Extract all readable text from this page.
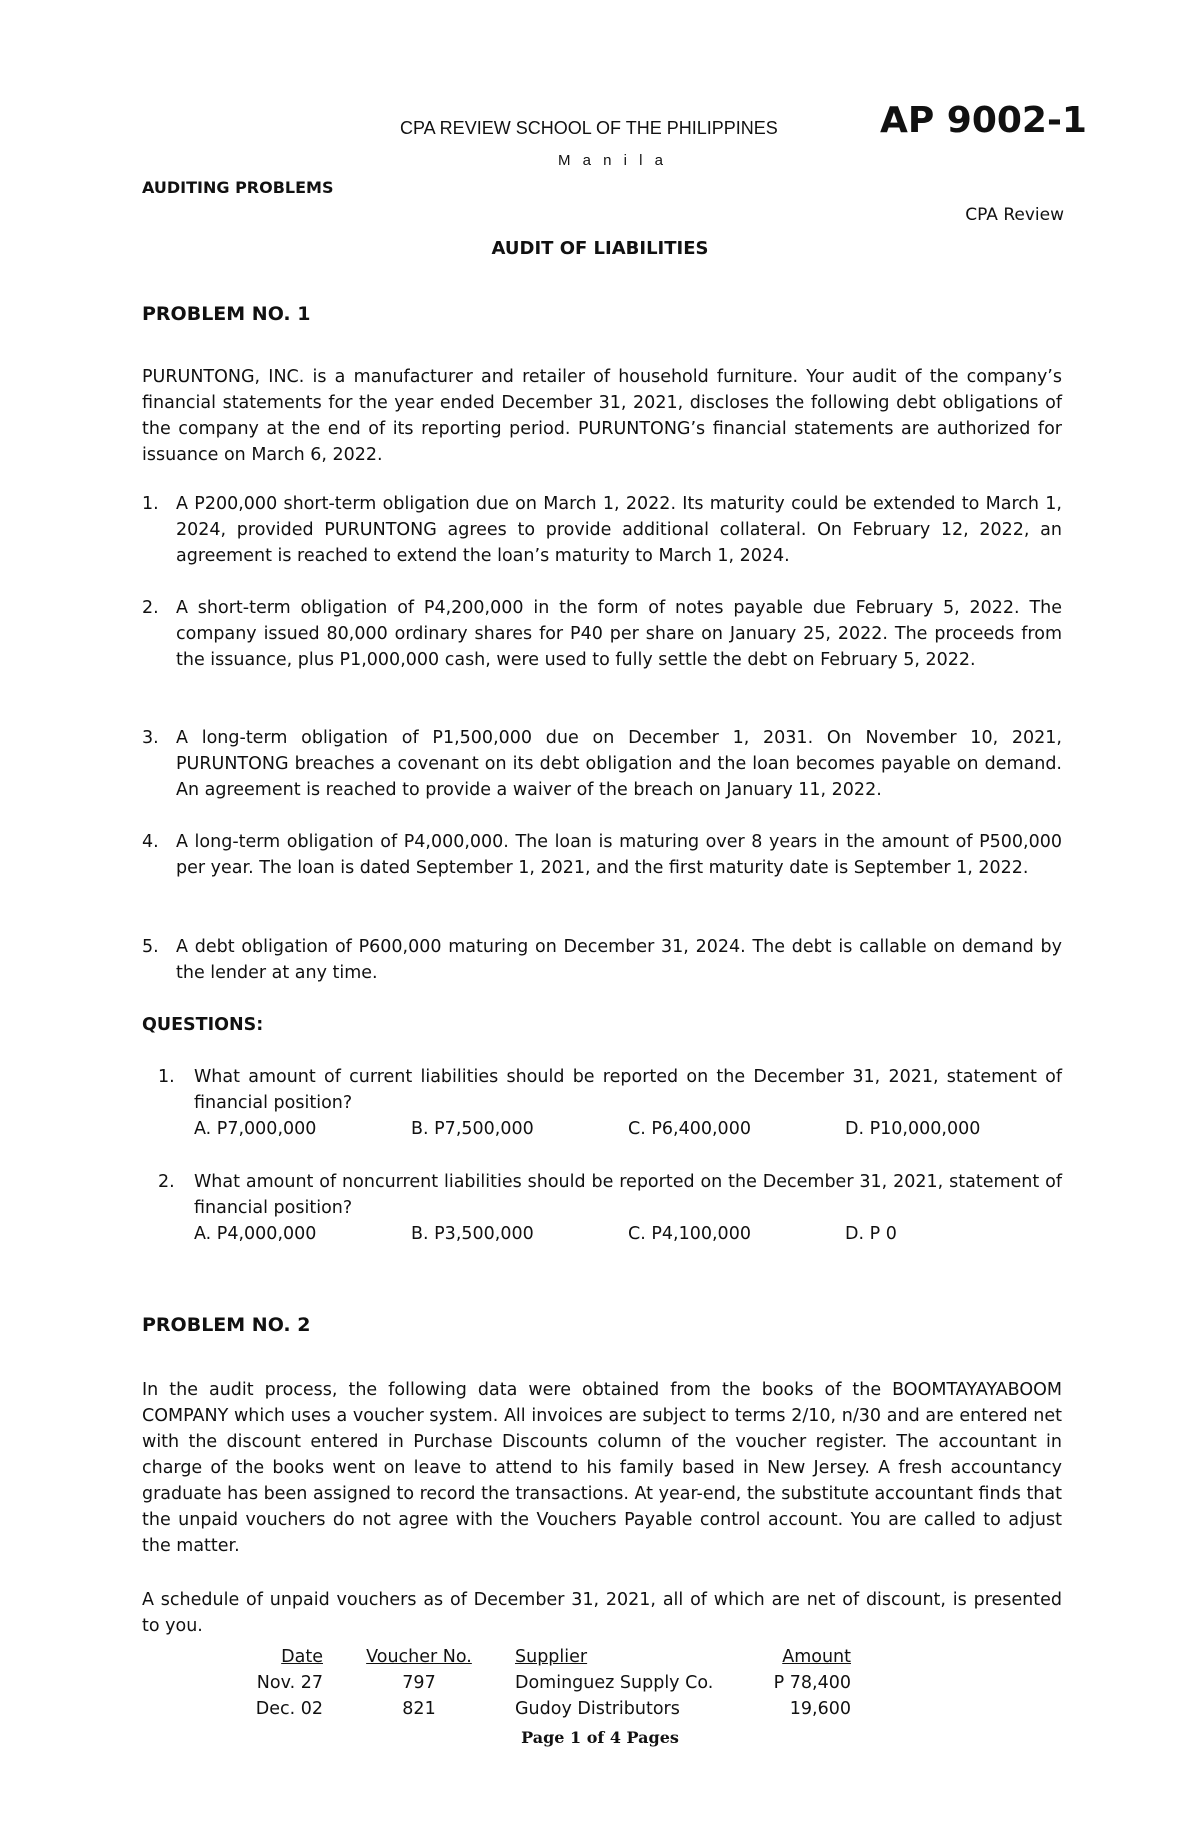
CPA REVIEW SCHOOL OF THE PHILIPPINES
M a n i l a
AP 9002-1
AUDITING PROBLEMS
CPA Review
AUDIT OF LIABILITIES
PROBLEM NO. 1
PURUNTONG, INC. is a manufacturer and retailer of household furniture. Your audit of the company’s financial statements for the year ended December 31, 2021, discloses the following debt obligations of the company at the end of its reporting period. PURUNTONG’s financial statements are authorized for issuance on March 6, 2022.
1. A P200,000 short-term obligation due on March 1, 2022. Its maturity could be extended to March 1, 2024, provided PURUNTONG agrees to provide additional collateral. On February 12, 2022, an agreement is reached to extend the loan’s maturity to March 1, 2024.
2. A short-term obligation of P4,200,000 in the form of notes payable due February 5, 2022. The company issued 80,000 ordinary shares for P40 per share on January 25, 2022. The proceeds from the issuance, plus P1,000,000 cash, were used to fully settle the debt on February 5, 2022.
3. A long-term obligation of P1,500,000 due on December 1, 2031. On November 10, 2021, PURUNTONG breaches a covenant on its debt obligation and the loan becomes payable on demand. An agreement is reached to provide a waiver of the breach on January 11, 2022.
4. A long-term obligation of P4,000,000. The loan is maturing over 8 years in the amount of P500,000 per year. The loan is dated September 1, 2021, and the first maturity date is September 1, 2022.
5. A debt obligation of P600,000 maturing on December 31, 2024. The debt is callable on demand by the lender at any time.
QUESTIONS:
1. What amount of current liabilities should be reported on the December 31, 2021, statement of financial position?
A. P7,000,000	B. P7,500,000	C. P6,400,000	D. P10,000,000
2. What amount of noncurrent liabilities should be reported on the December 31, 2021, statement of financial position?
A. P4,000,000	B. P3,500,000	C. P4,100,000	D. P 0
PROBLEM NO. 2
In the audit process, the following data were obtained from the books of the BOOMTAYAYABOOM COMPANY which uses a voucher system. All invoices are subject to terms 2/10, n/30 and are entered net with the discount entered in Purchase Discounts column of the voucher register. The accountant in charge of the books went on leave to attend to his family based in New Jersey. A fresh accountancy graduate has been assigned to record the transactions. At year-end, the substitute accountant finds that the unpaid vouchers do not agree with the Vouchers Payable control account. You are called to adjust the matter.
A schedule of unpaid vouchers as of December 31, 2021, all of which are net of discount, is presented to you.
Date	Voucher No.	Supplier	Amount
Nov. 27	797	Dominguez Supply Co.	P 78,400
Dec. 02	821	Gudoy Distributors	19,600
Page 1 of 4 Pages
